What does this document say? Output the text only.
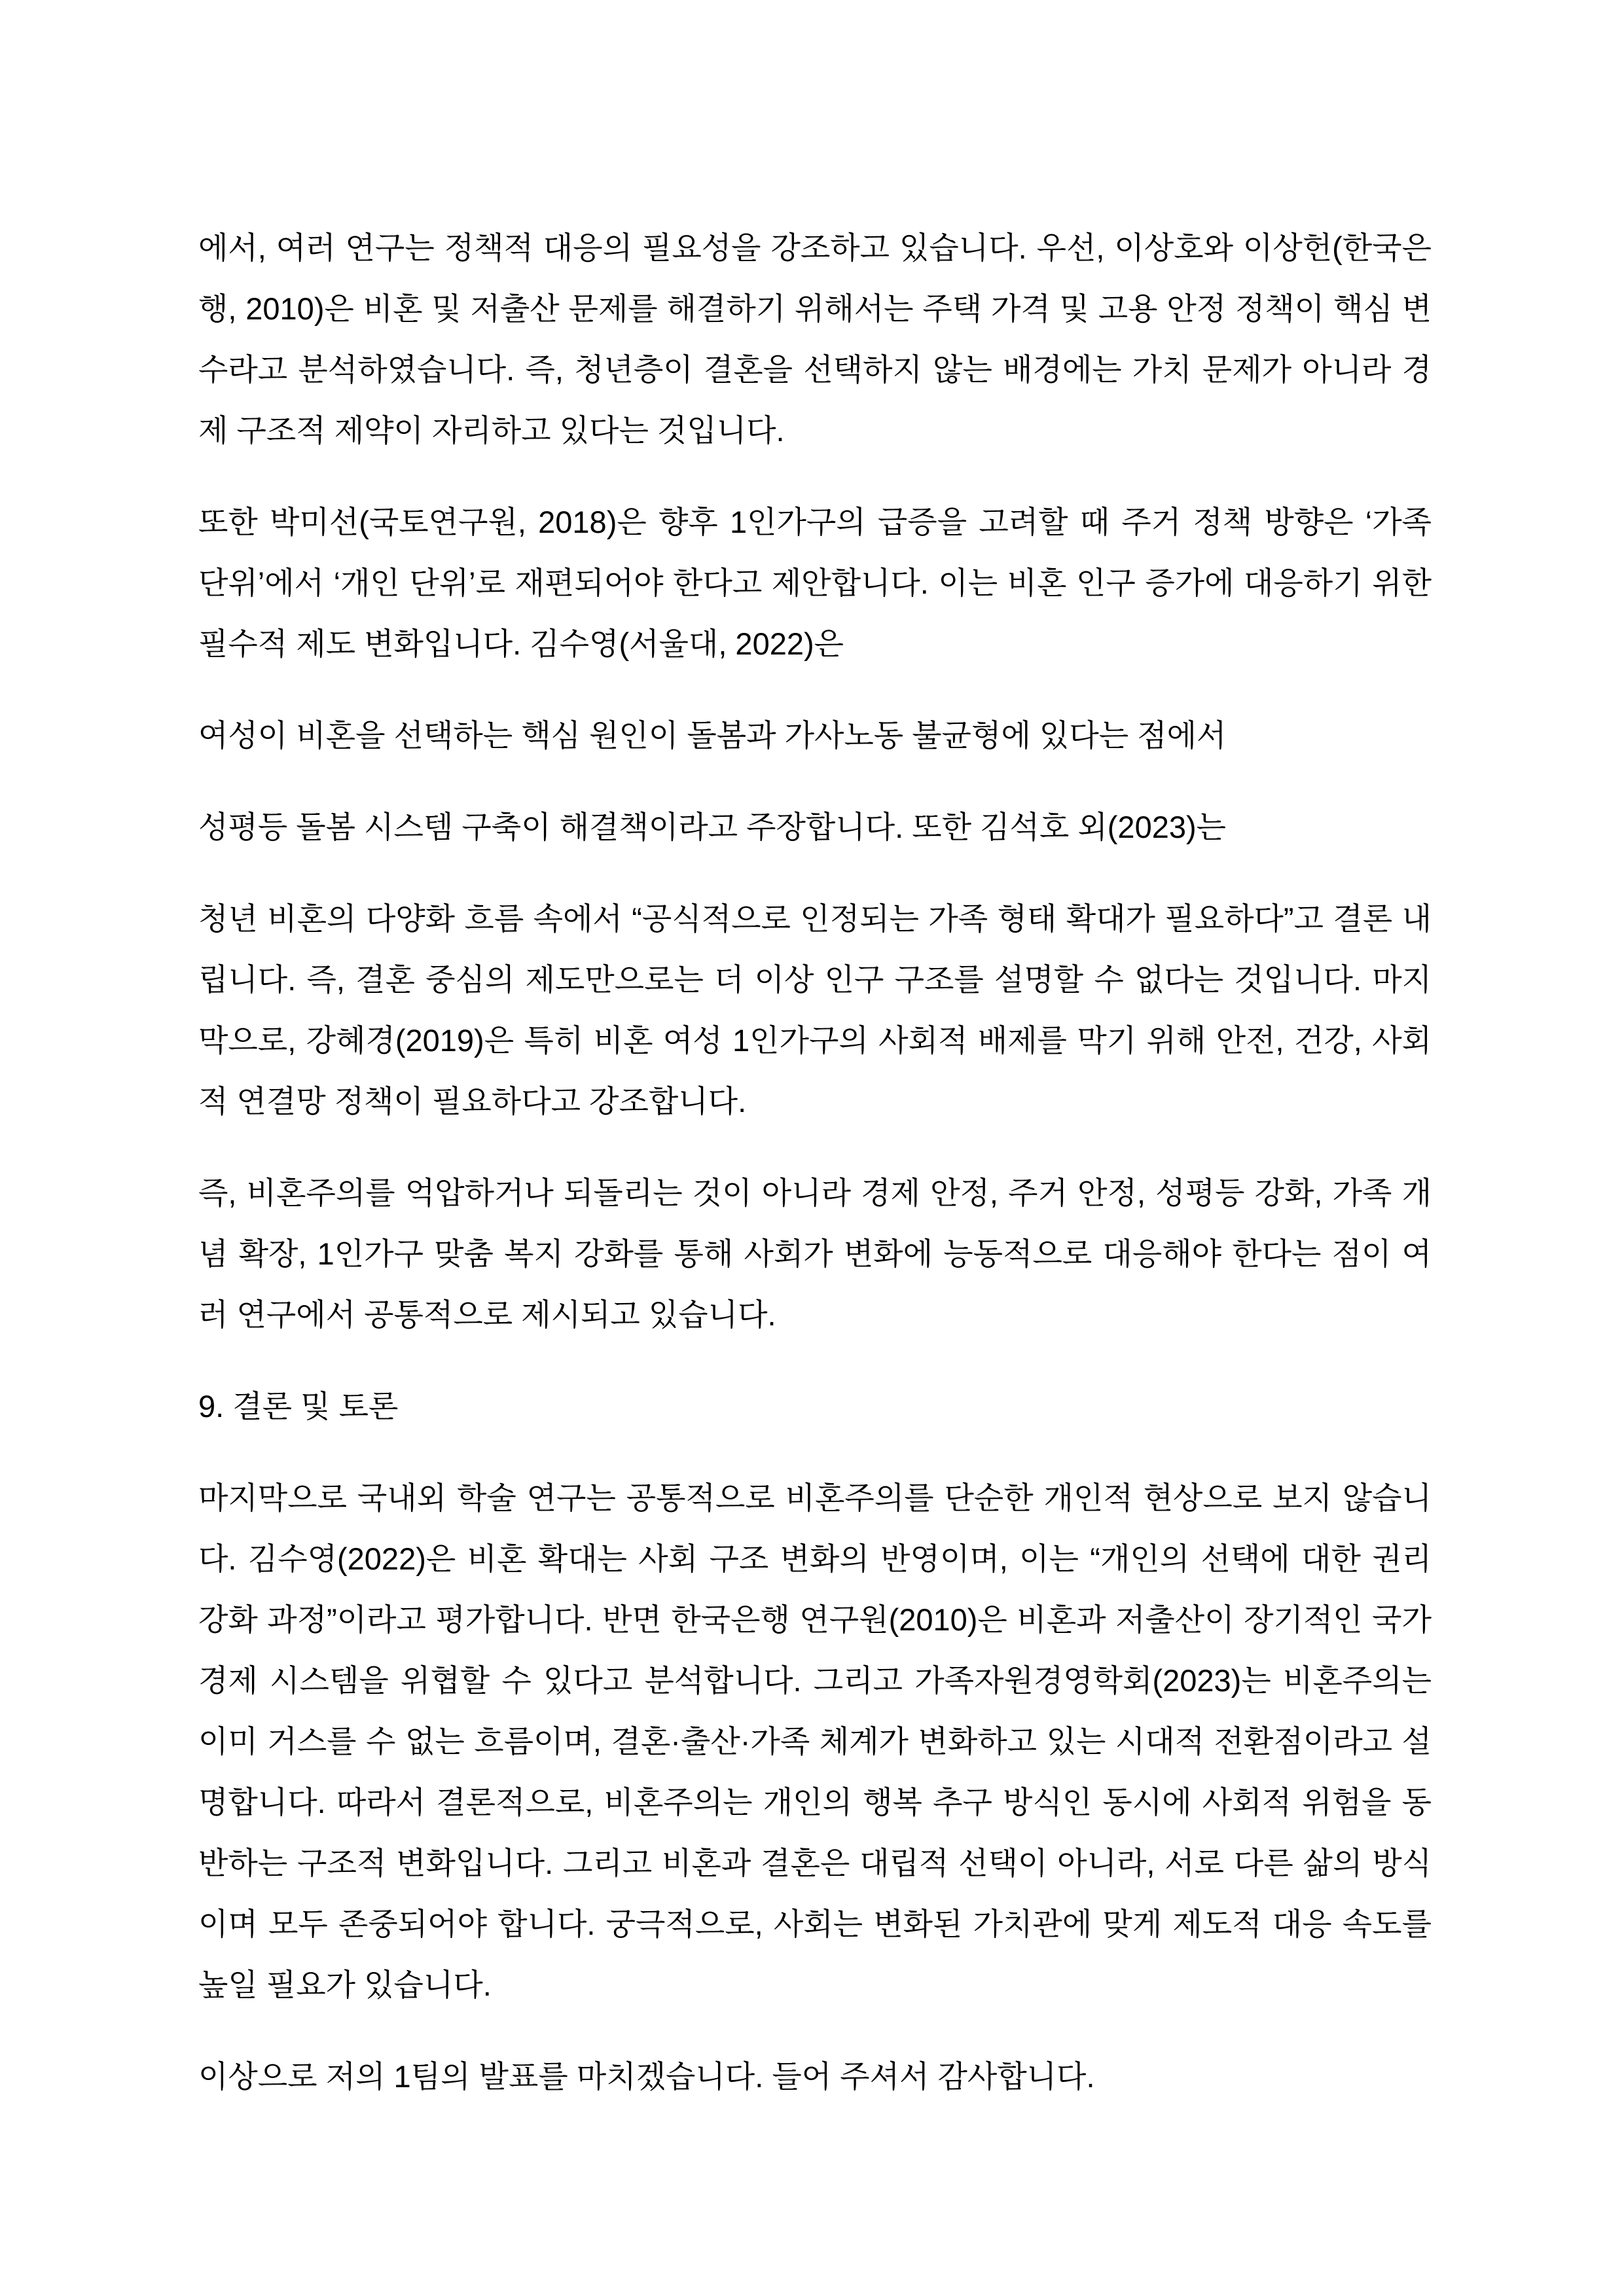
에서, 여러 연구는 정책적 대응의 필요성을 강조하고 있습니다. 우선, 이상호와 이상헌(한국은행, 2010)은 비혼 및 저출산 문제를 해결하기 위해서는 주택 가격 및 고용 안정 정책이 핵심 변수라고 분석하였습니다. 즉, 청년층이 결혼을 선택하지 않는 배경에는 가치 문제가 아니라 경제 구조적 제약이 자리하고 있다는 것입니다.

또한 박미선(국토연구원, 2018)은 향후 1인가구의 급증을 고려할 때 주거 정책 방향은 ‘가족 단위’에서 ‘개인 단위’로 재편되어야 한다고 제안합니다. 이는 비혼 인구 증가에 대응하기 위한 필수적 제도 변화입니다. 김수영(서울대, 2022)은

여성이 비혼을 선택하는 핵심 원인이 돌봄과 가사노동 불균형에 있다는 점에서

성평등 돌봄 시스템 구축이 해결책이라고 주장합니다. 또한 김석호 외(2023)는

청년 비혼의 다양화 흐름 속에서 “공식적으로 인정되는 가족 형태 확대가 필요하다”고 결론 내립니다. 즉, 결혼 중심의 제도만으로는 더 이상 인구 구조를 설명할 수 없다는 것입니다. 마지막으로, 강혜경(2019)은 특히 비혼 여성 1인가구의 사회적 배제를 막기 위해 안전, 건강, 사회적 연결망 정책이 필요하다고 강조합니다.

즉, 비혼주의를 억압하거나 되돌리는 것이 아니라 경제 안정, 주거 안정, 성평등 강화, 가족 개념 확장, 1인가구 맞춤 복지 강화를 통해 사회가 변화에 능동적으로 대응해야 한다는 점이 여러 연구에서 공통적으로 제시되고 있습니다.

9. 결론 및 토론

마지막으로 국내외 학술 연구는 공통적으로 비혼주의를 단순한 개인적 현상으로 보지 않습니다. 김수영(2022)은 비혼 확대는 사회 구조 변화의 반영이며, 이는 “개인의 선택에 대한 권리 강화 과정”이라고 평가합니다. 반면 한국은행 연구원(2010)은 비혼과 저출산이 장기적인 국가 경제 시스템을 위협할 수 있다고 분석합니다. 그리고 가족자원경영학회(2023)는 비혼주의는 이미 거스를 수 없는 흐름이며, 결혼·출산·가족 체계가 변화하고 있는 시대적 전환점이라고 설명합니다. 따라서 결론적으로, 비혼주의는 개인의 행복 추구 방식인 동시에 사회적 위험을 동반하는 구조적 변화입니다. 그리고 비혼과 결혼은 대립적 선택이 아니라, 서로 다른 삶의 방식이며 모두 존중되어야 합니다. 궁극적으로, 사회는 변화된 가치관에 맞게 제도적 대응 속도를 높일 필요가 있습니다.

이상으로 저의 1팀의 발표를 마치겠습니다. 들어 주셔서 감사합니다.
